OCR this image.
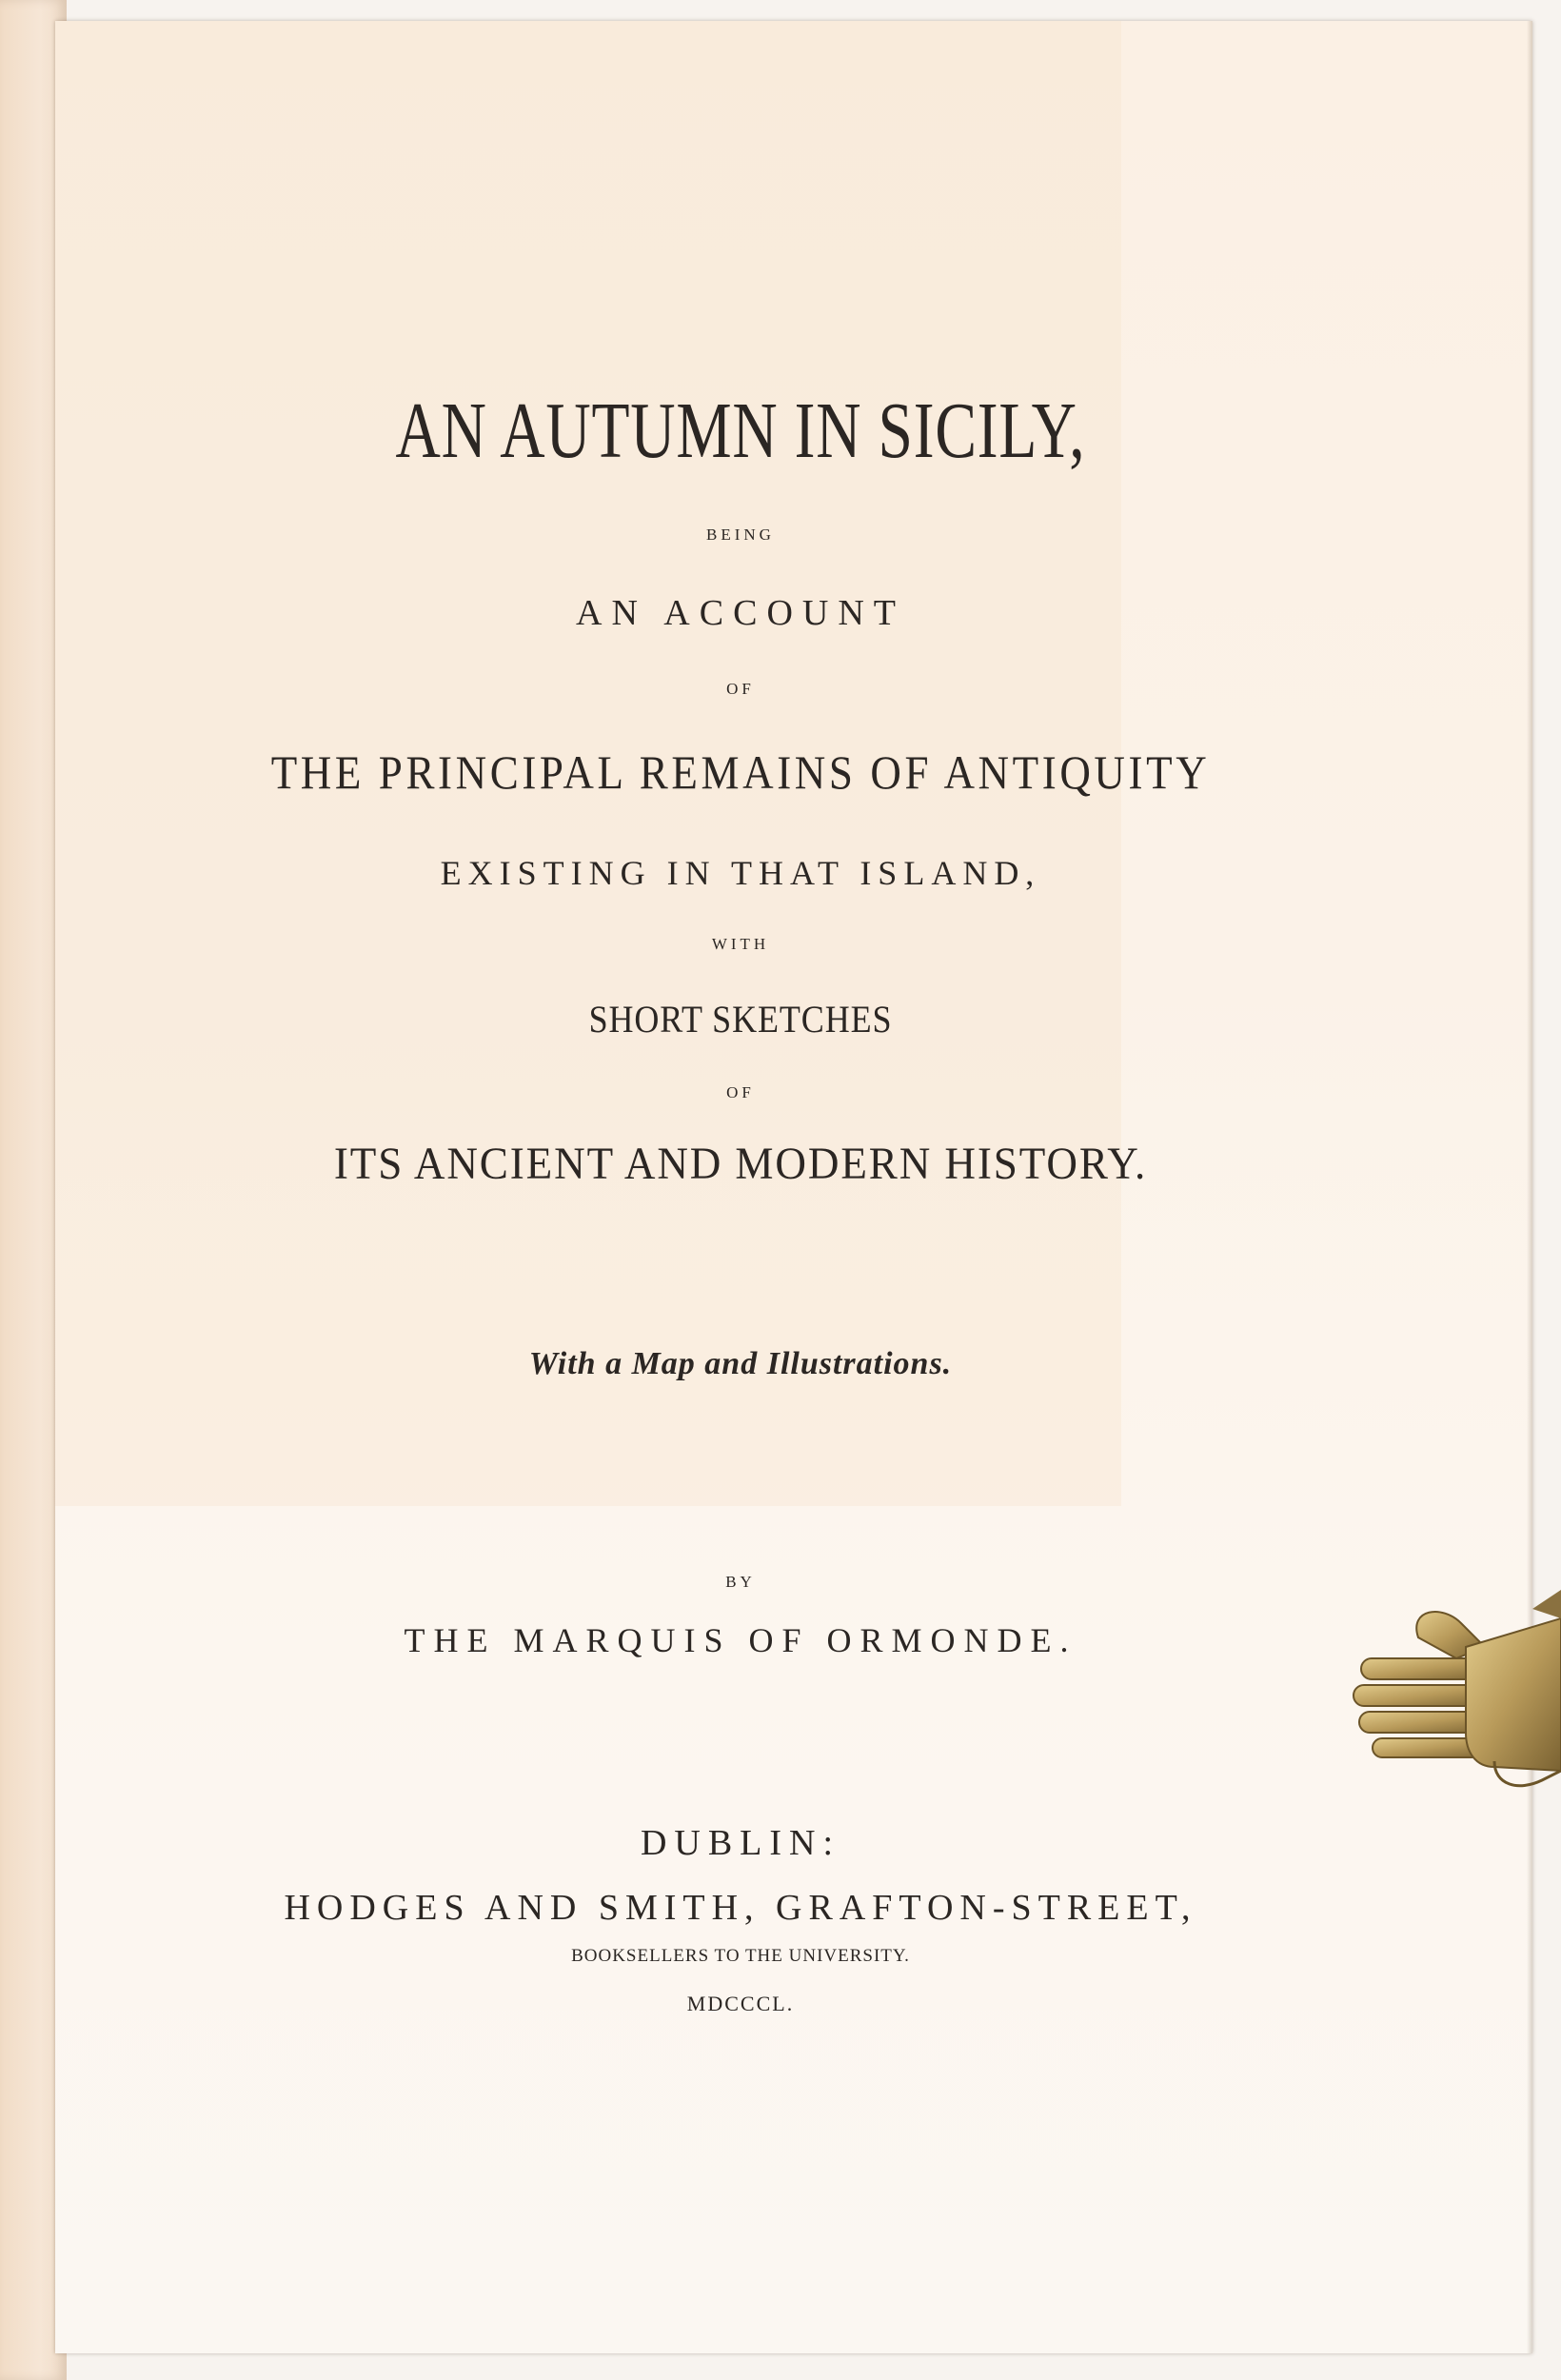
AN AUTUMN IN SICILY,
BEING
AN ACCOUNT
OF
THE PRINCIPAL REMAINS OF ANTIQUITY
EXISTING IN THAT ISLAND,
WITH
SHORT SKETCHES
OF
ITS ANCIENT AND MODERN HISTORY.
With a Map and Illustrations.
BY
THE MARQUIS OF ORMONDE.
DUBLIN:
HODGES AND SMITH, GRAFTON-STREET,
BOOKSELLERS TO THE UNIVERSITY.
MDCCCL.
